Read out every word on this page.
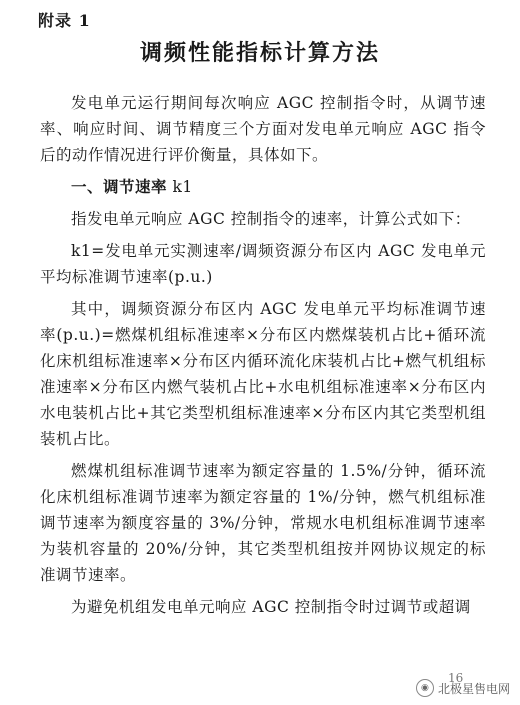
附录 1
调频性能指标计算方法

发电单元运行期间每次响应 AGC 控制指令时，从调节速率、响应时间、调节精度三个方面对发电单元响应 AGC 指令后的动作情况进行评价衡量，具体如下。

一、调节速率 k1

指发电单元响应 AGC 控制指令的速率，计算公式如下：

k1=发电单元实测速率/调频资源分布区内 AGC 发电单元平均标准调节速率(p.u.)

其中，调频资源分布区内 AGC 发电单元平均标准调节速率(p.u.)=燃煤机组标准速率×分布区内燃煤装机占比+循环流化床机组标准速率×分布区内循环流化床装机占比+燃气机组标准速率×分布区内燃气装机占比+水电机组标准速率×分布区内水电装机占比+其它类型机组标准速率×分布区内其它类型机组装机占比。

燃煤机组标准调节速率为额定容量的 1.5%/分钟，循环流化床机组标准调节速率为额定容量的 1%/分钟，燃气机组标准调节速率为额度容量的 3%/分钟，常规水电机组标准调节速率为装机容量的 20%/分钟，其它类型机组按并网协议规定的标准调节速率。

为避免机组发电单元响应 AGC 控制指令时过调节或超调

16
◉ 北极星售电网
